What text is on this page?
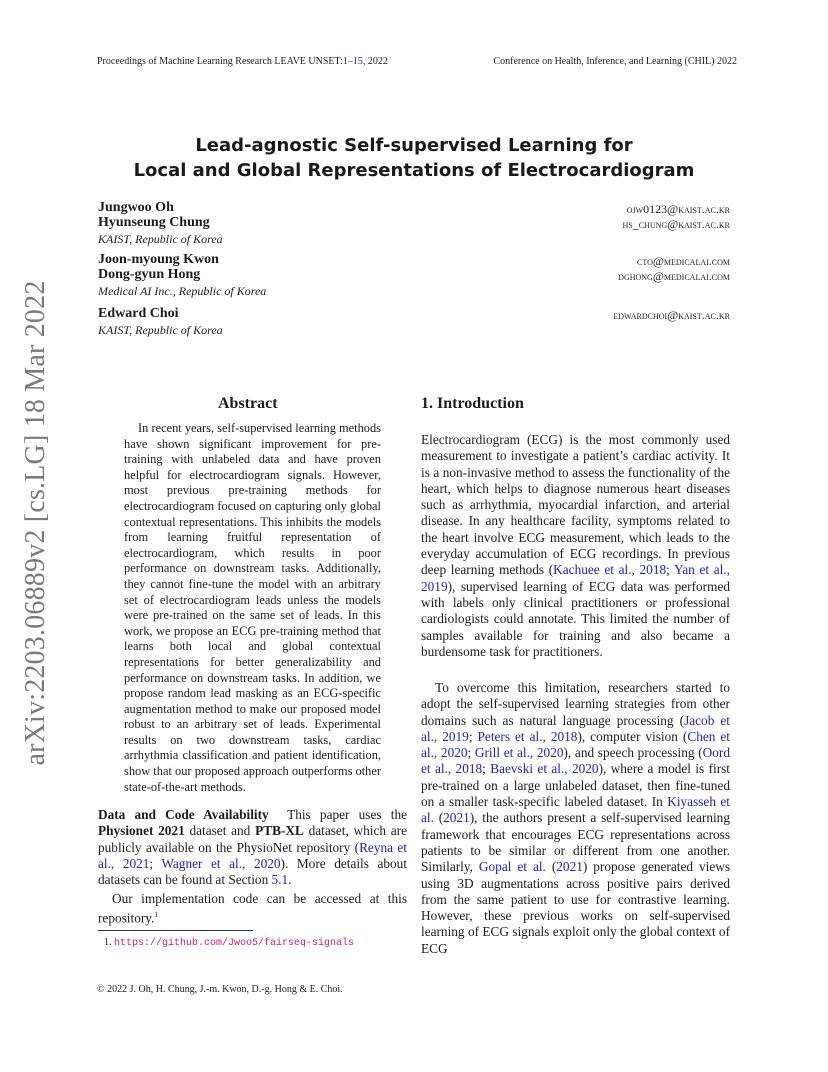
Proceedings of Machine Learning Research LEAVE UNSET:1–15, 2022	Conference on Health, Inference, and Learning (CHIL) 2022
arXiv:2203.06889v2 [cs.LG] 18 Mar 2022
Lead-agnostic Self-supervised Learning for
Local and Global Representations of Electrocardiogram
Jungwoo Oh	ojw0123@kaist.ac.kr
Hyunseung Chung	hs_chung@kaist.ac.kr
KAIST, Republic of Korea
Joon-myoung Kwon	cto@medicalai.com
Dong-gyun Hong	dghong@medicalai.com
Medical AI Inc., Republic of Korea
Edward Choi	edwardchoi@kaist.ac.kr
KAIST, Republic of Korea
Abstract
In recent years, self-supervised learning methods have shown significant improvement for pre-training with unlabeled data and have proven helpful for electrocardiogram signals. However, most previous pre-training methods for electrocardiogram focused on capturing only global contextual representations. This inhibits the models from learning fruitful representation of electrocardiogram, which results in poor performance on downstream tasks. Additionally, they cannot fine-tune the model with an arbitrary set of electrocardiogram leads unless the models were pre-trained on the same set of leads. In this work, we propose an ECG pre-training method that learns both local and global contextual representations for better generalizability and performance on downstream tasks. In addition, we propose random lead masking as an ECG-specific augmentation method to make our proposed model robust to an arbitrary set of leads. Experimental results on two downstream tasks, cardiac arrhythmia classification and patient identification, show that our proposed approach outperforms other state-of-the-art methods.
Data and Code Availability This paper uses the Physionet 2021 dataset and PTB-XL dataset, which are publicly available on the PhysioNet repository (Reyna et al., 2021; Wagner et al., 2020). More details about datasets can be found at Section 5.1.
Our implementation code can be accessed at this repository.$^1$
1. https://github.com/Jwoo5/fairseq-signals
© 2022 J. Oh, H. Chung, J.-m. Kwon, D.-g. Hong & E. Choi.
1. Introduction
Electrocardiogram (ECG) is the most commonly used measurement to investigate a patient’s cardiac activity. It is a non-invasive method to assess the functionality of the heart, which helps to diagnose numerous heart diseases such as arrhythmia, myocardial infarction, and arterial disease. In any healthcare facility, symptoms related to the heart involve ECG measurement, which leads to the everyday accumulation of ECG recordings. In previous deep learning methods (Kachuee et al., 2018; Yan et al., 2019), supervised learning of ECG data was performed with labels only clinical practitioners or professional cardiologists could annotate. This limited the number of samples available for training and also became a burdensome task for practitioners.
To overcome this limitation, researchers started to adopt the self-supervised learning strategies from other domains such as natural language processing (Jacob et al., 2019; Peters et al., 2018), computer vision (Chen et al., 2020; Grill et al., 2020), and speech processing (Oord et al., 2018; Baevski et al., 2020), where a model is first pre-trained on a large unlabeled dataset, then fine-tuned on a smaller task-specific labeled dataset. In Kiyasseh et al. (2021), the authors present a self-supervised learning framework that encourages ECG representations across patients to be similar or different from one another. Similarly, Gopal et al. (2021) propose generated views using 3D augmentations across positive pairs derived from the same patient to use for contrastive learning. However, these previous works on self-supervised learning of ECG signals exploit only the global context of ECG
